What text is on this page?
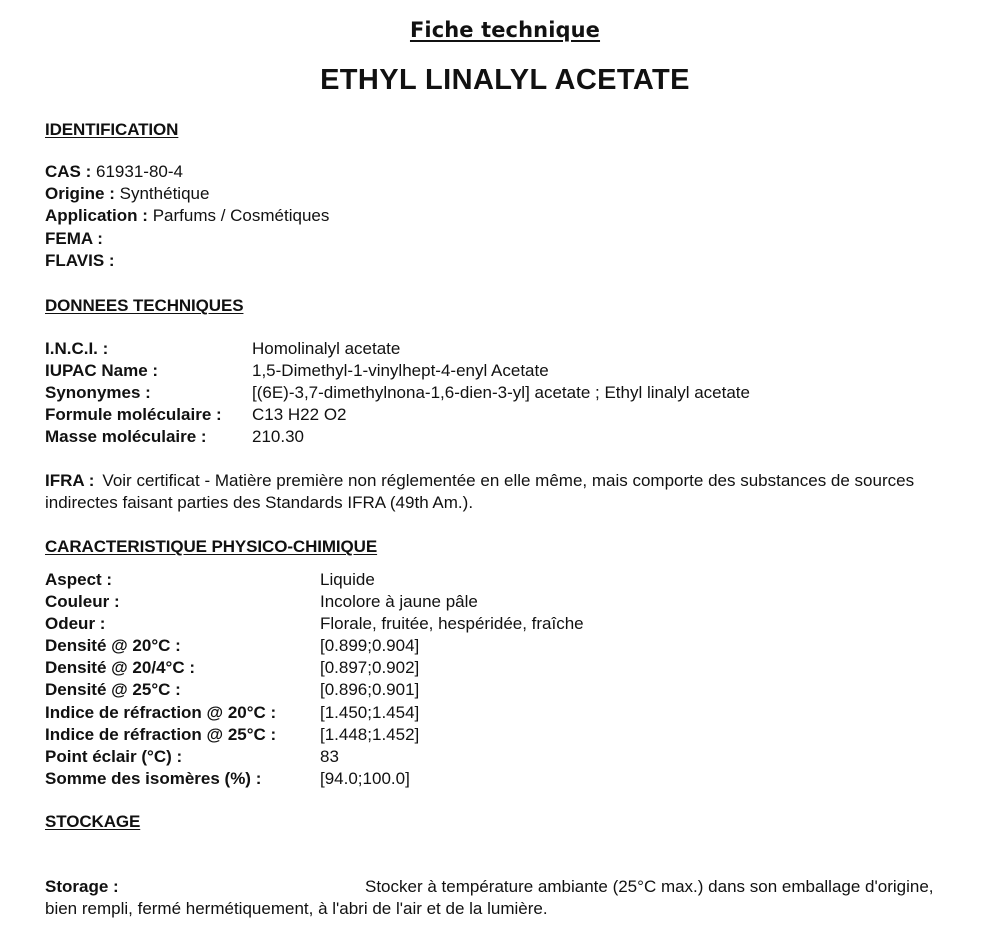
Fiche technique
ETHYL LINALYL ACETATE
IDENTIFICATION
CAS : 61931-80-4
Origine : Synthétique
Application : Parfums / Cosmétiques
FEMA :
FLAVIS :
DONNEES TECHNIQUES
I.N.C.I. :	Homolinalyl acetate
IUPAC Name :	1,5-Dimethyl-1-vinylhept-4-enyl Acetate
Synonymes :	[(6E)-3,7-dimethylnona-1,6-dien-3-yl] acetate ; Ethyl linalyl acetate
Formule moléculaire : C13 H22 O2
Masse moléculaire :	210.30
IFRA : Voir certificat - Matière première non réglementée en elle même, mais comporte des substances de sources indirectes faisant parties des Standards IFRA (49th Am.).
CARACTERISTIQUE PHYSICO-CHIMIQUE
Aspect :	Liquide
Couleur :	Incolore à jaune pâle
Odeur :	Florale, fruitée, hespéridée, fraîche
Densité @ 20°C :	[0.899;0.904]
Densité @ 20/4°C :	[0.897;0.902]
Densité @ 25°C :	[0.896;0.901]
Indice de réfraction @ 20°C :	[1.450;1.454]
Indice de réfraction @ 25°C :	[1.448;1.452]
Point éclair (°C) :	83
Somme des isomères (%) :	[94.0;100.0]
STOCKAGE
Storage :	Stocker à température ambiante (25°C max.) dans son emballage d'origine,
bien rempli, fermé hermétiquement, à l'abri de l'air et de la lumière.
